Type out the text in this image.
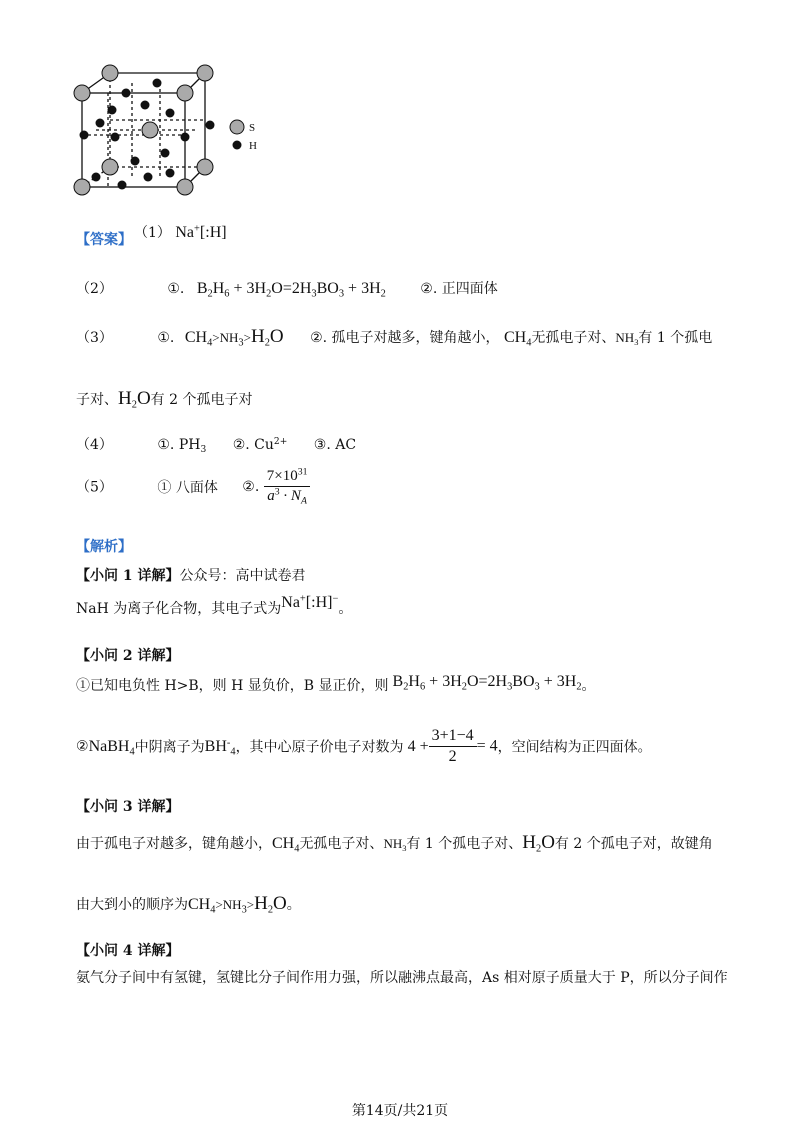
S
H
【答案】 （1） Na+[:H]
（2）	①. $B_2H_6 + 3H_2O=2H_3BO_3 + 3H_2$ ②. 正四面体
（3）	①. $CH_4>NH_3>H_2O$ ②. 孤电子对越多，键角越小， $CH_4$无孤电子对、$NH_3$有 1 个孤电
子对、$H_2O$有 2 个孤电子对
（4）	①. $PH_3$ ②. $Cu^{2+}$ ③. AC
（5）	① 八面体 ②. $\frac{7\times 10^{31}}{a^3 \cdot N_A}$
【解析】
【小问 1 详解】公众号：高中试卷君
NaH 为离子化合物，其电子式为Na+[:H]−。
【小问 2 详解】
①已知电负性 H>B，则 H 显负价，B 显正价，则 $B_2H_6 + 3H_2O=2H_3BO_3 + 3H_2$。
②NaBH$_4$中阴离子为$BH^-_4$，其中心原子价电子对数为 $4 + \frac{3+1-4}{2} = 4$，空间结构为正四面体。
【小问 3 详解】
由于孤电子对越多，键角越小，$CH_4$无孤电子对、$NH_3$有 1 个孤电子对、$H_2O$有 2 个孤电子对，故键角
由大到小的顺序为$CH_4>NH_3>H_2O$。
【小问 4 详解】
氨气分子间中有氢键，氢键比分子间作用力强，所以融沸点最高，As 相对原子质量大于 P，所以分子间作
第14页/共21页
